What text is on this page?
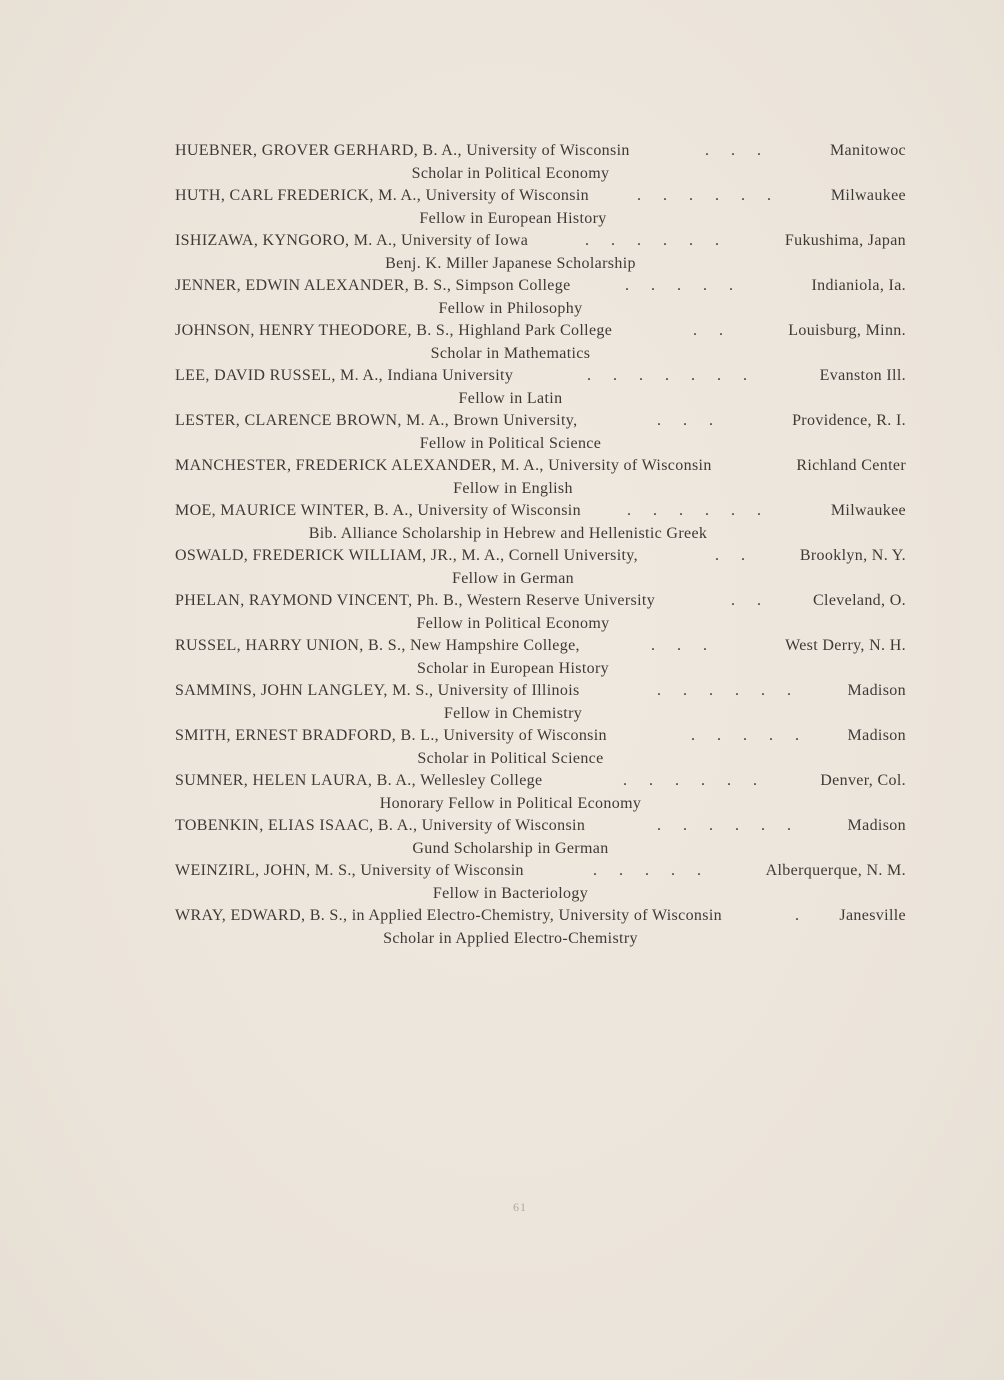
HUEBNER, GROVER GERHARD, B. A., University of Wisconsin	. . .	Manitowoc
Scholar in Political Economy
HUTH, CARL FREDERICK, M. A., University of Wisconsin	. . . . . .	Milwaukee
Fellow in European History
ISHIZAWA, KYNGORO, M. A., University of Iowa	. . . . . .	Fukushima, Japan
Benj. K. Miller Japanese Scholarship
JENNER, EDWIN ALEXANDER, B. S., Simpson College	. . . . .	Indianiola, Ia.
Fellow in Philosophy
JOHNSON, HENRY THEODORE, B. S., Highland Park College	. .	Louisburg, Minn.
Scholar in Mathematics
LEE, DAVID RUSSEL, M. A., Indiana University	. . . . . . .	Evanston Ill.
Fellow in Latin
LESTER, CLARENCE BROWN, M. A., Brown University,	. . .	Providence, R. I.
Fellow in Political Science
MANCHESTER, FREDERICK ALEXANDER, M. A., University of Wisconsin	Richland Center
Fellow in English
MOE, MAURICE WINTER, B. A., University of Wisconsin	. . . . . .	Milwaukee
Bib. Alliance Scholarship in Hebrew and Hellenistic Greek
OSWALD, FREDERICK WILLIAM, JR., M. A., Cornell University,	. .	Brooklyn, N. Y.
Fellow in German
PHELAN, RAYMOND VINCENT, Ph. B., Western Reserve University	. .	Cleveland, O.
Fellow in Political Economy
RUSSEL, HARRY UNION, B. S., New Hampshire College,	. . .	West Derry, N. H.
Scholar in European History
SAMMINS, JOHN LANGLEY, M. S., University of Illinois	. . . . . .	Madison
Fellow in Chemistry
SMITH, ERNEST BRADFORD, B. L., University of Wisconsin	. . . . .	Madison
Scholar in Political Science
SUMNER, HELEN LAURA, B. A., Wellesley College	. . . . . .	Denver, Col.
Honorary Fellow in Political Economy
TOBENKIN, ELIAS ISAAC, B. A., University of Wisconsin	. . . . . .	Madison
Gund Scholarship in German
WEINZIRL, JOHN, M. S., University of Wisconsin	. . . . .	Alberquerque, N. M.
Fellow in Bacteriology
WRAY, EDWARD, B. S., in Applied Electro-Chemistry, University of Wisconsin	.	Janesville
Scholar in Applied Electro-Chemistry
61
